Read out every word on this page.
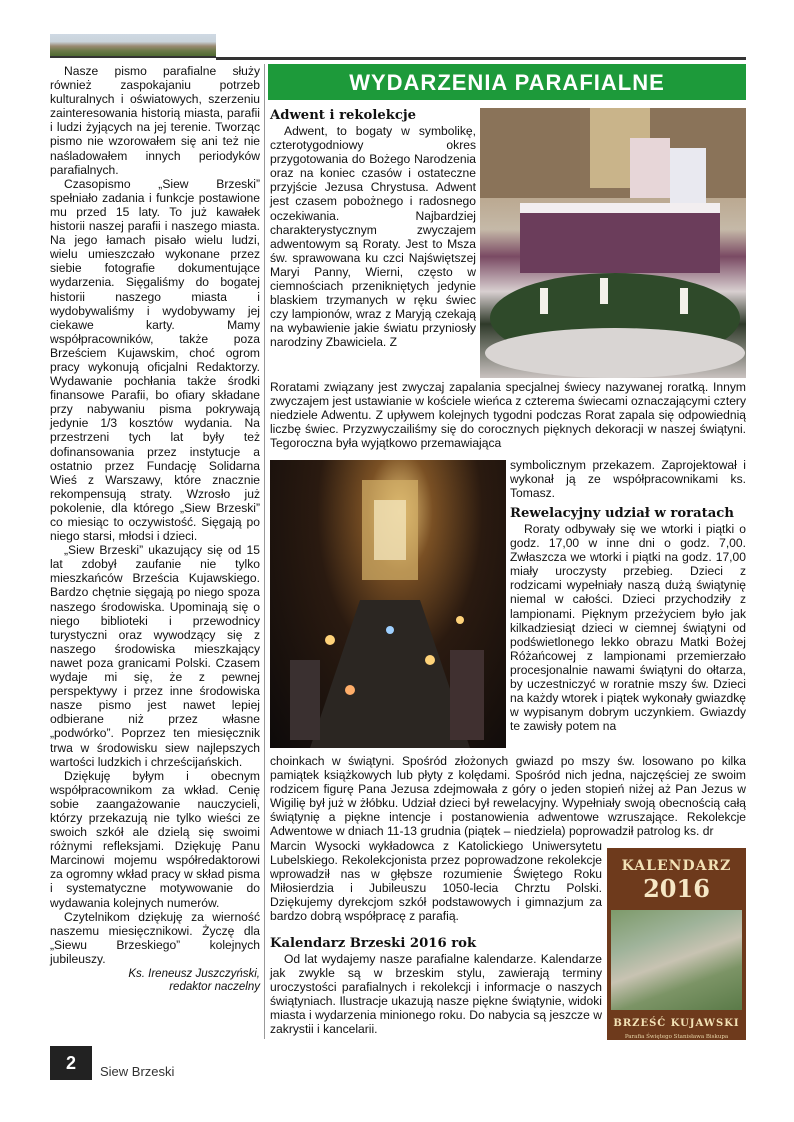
Nasze pismo parafialne służy również zaspokajaniu potrzeb kulturalnych i oświatowych, szerzeniu zainteresowania historią miasta, parafii i ludzi żyjących na jej terenie. Tworząc pismo nie wzorowałem się ani też nie naśladowałem innych periodyków parafialnych.

Czasopismo „Siew Brzeski” spełniało zadania i funkcje postawione mu przed 15 laty. To już kawałek historii naszej parafii i naszego miasta. Na jego łamach pisało wielu ludzi, wielu umieszczało wykonane przez siebie fotografie dokumentujące wydarzenia. Sięgaliśmy do bogatej historii naszego miasta i wydobywaliśmy i wydobywamy jej ciekawe karty. Mamy współpracowników, także poza Brześciem Kujawskim, choć ogrom pracy wykonują oficjalni Redaktorzy. Wydawanie pochłania także środki finansowe Parafii, bo ofiary składane przy nabywaniu pisma pokrywają jedynie 1/3 kosztów wydania. Na przestrzeni tych lat były też dofinansowania przez instytucje a ostatnio przez Fundację Solidarna Wieś z Warszawy, które znacznie rekompensują straty. Wzrosło już pokolenie, dla którego „Siew Brzeski” co miesiąc to oczywistość. Sięgają po niego starsi, młodsi i dzieci.

„Siew Brzeski” ukazujący się od 15 lat zdobył zaufanie nie tylko mieszkańców Brześcia Kujawskiego. Bardzo chętnie sięgają po niego spoza naszego środowiska. Upominają się o niego biblioteki i przewodnicy turystyczni oraz wywodzący się z naszego środowiska mieszkający nawet poza granicami Polski. Czasem wydaje mi się, że z pewnej perspektywy i przez inne środowiska nasze pismo jest nawet lepiej odbierane niż przez własne „podwórko”. Poprzez ten miesięcznik trwa w środowisku siew najlepszych wartości ludzkich i chrześcijańskich.

Dziękuję byłym i obecnym współpracownikom za wkład. Cenię sobie zaangażowanie nauczycieli, którzy przekazują nie tylko wieści ze swoich szkół ale dzielą się swoimi różnymi refleksjami. Dziękuję Panu Marcinowi mojemu współredaktorowi za ogromny wkład pracy w skład pisma i systematyczne motywowanie do wydawania kolejnych numerów.

Czytelnikom dziękuję za wierność naszemu miesięcznikowi. Życzę dla „Siewu Brzeskiego” kolejnych jubileuszy.

Ks. Ireneusz Juszczyński,
redaktor naczelny
WYDARZENIA PARAFIALNE
Adwent i rekolekcje

Adwent, to bogaty w symbolikę, czterotygodniowy okres przygotowania do Bożego Narodzenia oraz na koniec czasów i ostateczne przyjście Jezusa Chrystusa. Adwent jest czasem pobożnego i radosnego oczekiwania. Najbardziej charakterystycznym zwyczajem adwentowym są Roraty. Jest to Msza św. sprawowana ku czci Najświętszej Maryi Panny, Wierni, często w ciemnościach przenikniętych jedynie blaskiem trzymanych w ręku świec czy lampionów, wraz z Maryją czekają na wybawienie jakie światu przyniosły narodziny Zbawiciela. Z

Roratami związany jest zwyczaj zapalania specjalnej świecy nazywanej roratką. Innym zwyczajem jest ustawianie w kościele wieńca z czterema świecami oznaczającymi cztery niedziele Adwentu. Z upływem kolejnych tygodni podczas Rorat zapala się odpowiednią liczbę świec. Przyzwyczailiśmy się do corocznych pięknych dekoracji w naszej świątyni. Tegoroczna była wyjątkowo przemawiająca

symbolicznym przekazem. Zaprojektował i wykonał ją ze współpracownikami ks. Tomasz.

Rewelacyjny udział w roratach

Roraty odbywały się we wtorki i piątki o godz. 17,00 w inne dni o godz. 7,00. Zwłaszcza we wtorki i piątki na godz. 17,00 miały uroczysty przebieg. Dzieci z rodzicami wypełniały naszą dużą świątynię niemal w całości. Dzieci przychodziły z lampionami. Pięknym przeżyciem było jak kilkadziesiąt dzieci w ciemnej świątyni od podświetlonego lekko obrazu Matki Bożej Różańcowej z lampionami przemierzało procesjonalnie nawami świątyni do ołtarza, by uczestniczyć w roratnie mszy św. Dzieci na każdy wtorek i piątek wykonały gwiazdkę w wypisanym dobrym uczynkiem. Gwiazdy te zawisły potem na

choinkach w świątyni. Spośród złożonych gwiazd po mszy św. losowano po kilka pamiątek książkowych lub płyty z kolędami. Spośród nich jedna, najczęściej ze swoim rodzicem figurę Pana Jezusa zdejmowała z góry o jeden stopień niżej aż Pan Jezus w Wigilię był już w żłóbku. Udział dzieci był rewelacyjny. Wypełniały swoją obecnością całą świątynię a piękne intencje i postanowienia adwentowe wzruszające. Rekolekcje Adwentowe w dniach 11-13 grudnia (piątek – niedziela) poprowadził patrolog ks. dr

Marcin Wysocki wykładowca z Katolickiego Uniwersytetu Lubelskiego. Rekolekcjonista przez poprowadzone rekolekcje wprowadził nas w głębsze rozumienie Świętego Roku Miłosierdzia i Jubileuszu 1050-lecia Chrztu Polski. Dziękujemy dyrekcjom szkół podstawowych i gimnazjum za bardzo dobrą współpracę z parafią.

Kalendarz Brzeski 2016 rok

Od lat wydajemy nasze parafialne kalendarze. Kalendarze jak zwykle są w brzeskim stylu, zawierają terminy uroczystości parafialnych i rekolekcji i informacje o naszych świątyniach. Ilustracje ukazują nasze piękne świątynie, widoki miasta i wydarzenia minionego roku. Do nabycia są jeszcze w zakrystii i kancelarii.

KALENDARZ
2016
BRZEŚĆ KUJAWSKI
Parafia Świętego Stanisława Biskupa
2	Siew Brzeski
